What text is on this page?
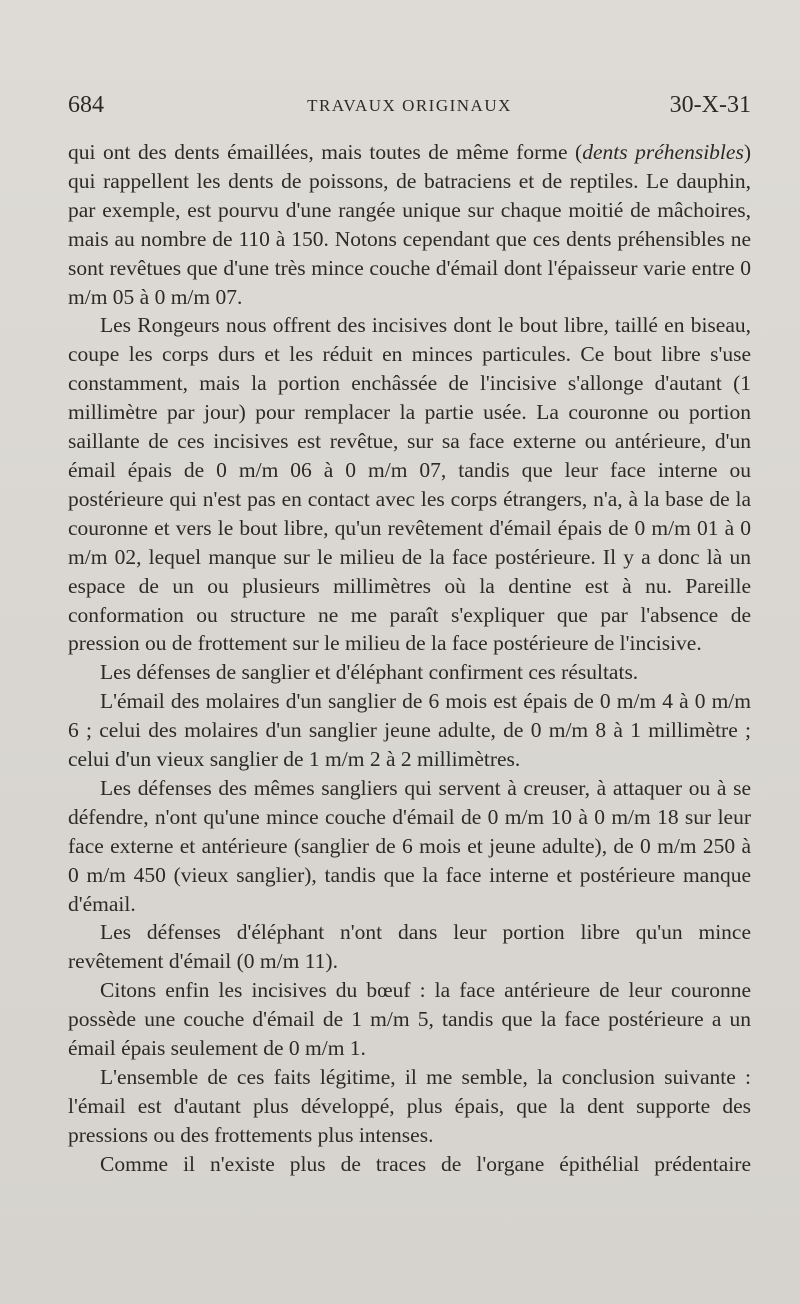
684	TRAVAUX ORIGINAUX	30-X-31

qui ont des dents émaillées, mais toutes de même forme (dents préhensibles) qui rappellent les dents de poissons, de batraciens et de reptiles. Le dauphin, par exemple, est pourvu d'une rangée unique sur chaque moitié de mâchoires, mais au nombre de 110 à 150. Notons cependant que ces dents préhensibles ne sont revêtues que d'une très mince couche d'émail dont l'épaisseur varie entre 0 m/m 05 à 0 m/m 07.

Les Rongeurs nous offrent des incisives dont le bout libre, taillé en biseau, coupe les corps durs et les réduit en minces particules. Ce bout libre s'use constamment, mais la portion enchâssée de l'incisive s'allonge d'autant (1 millimètre par jour) pour remplacer la partie usée. La couronne ou portion saillante de ces incisives est revêtue, sur sa face externe ou antérieure, d'un émail épais de 0 m/m 06 à 0 m/m 07, tandis que leur face interne ou postérieure qui n'est pas en contact avec les corps étrangers, n'a, à la base de la couronne et vers le bout libre, qu'un revêtement d'émail épais de 0 m/m 01 à 0 m/m 02, lequel manque sur le milieu de la face postérieure. Il y a donc là un espace de un ou plusieurs millimètres où la dentine est à nu. Pareille conformation ou structure ne me paraît s'expliquer que par l'absence de pression ou de frottement sur le milieu de la face postérieure de l'incisive.

Les défenses de sanglier et d'éléphant confirment ces résultats.

L'émail des molaires d'un sanglier de 6 mois est épais de 0 m/m 4 à 0 m/m 6 ; celui des molaires d'un sanglier jeune adulte, de 0 m/m 8 à 1 millimètre ; celui d'un vieux sanglier de 1 m/m 2 à 2 millimètres.

Les défenses des mêmes sangliers qui servent à creuser, à attaquer ou à se défendre, n'ont qu'une mince couche d'émail de 0 m/m 10 à 0 m/m 18 sur leur face externe et antérieure (sanglier de 6 mois et jeune adulte), de 0 m/m 250 à 0 m/m 450 (vieux sanglier), tandis que la face interne et postérieure manque d'émail.

Les défenses d'éléphant n'ont dans leur portion libre qu'un mince revêtement d'émail (0 m/m 11).

Citons enfin les incisives du bœuf : la face antérieure de leur couronne possède une couche d'émail de 1 m/m 5, tandis que la face postérieure a un émail épais seulement de 0 m/m 1.

L'ensemble de ces faits légitime, il me semble, la conclusion suivante : l'émail est d'autant plus développé, plus épais, que la dent supporte des pressions ou des frottements plus intenses.

Comme il n'existe plus de traces de l'organe épithélial prédentaire
